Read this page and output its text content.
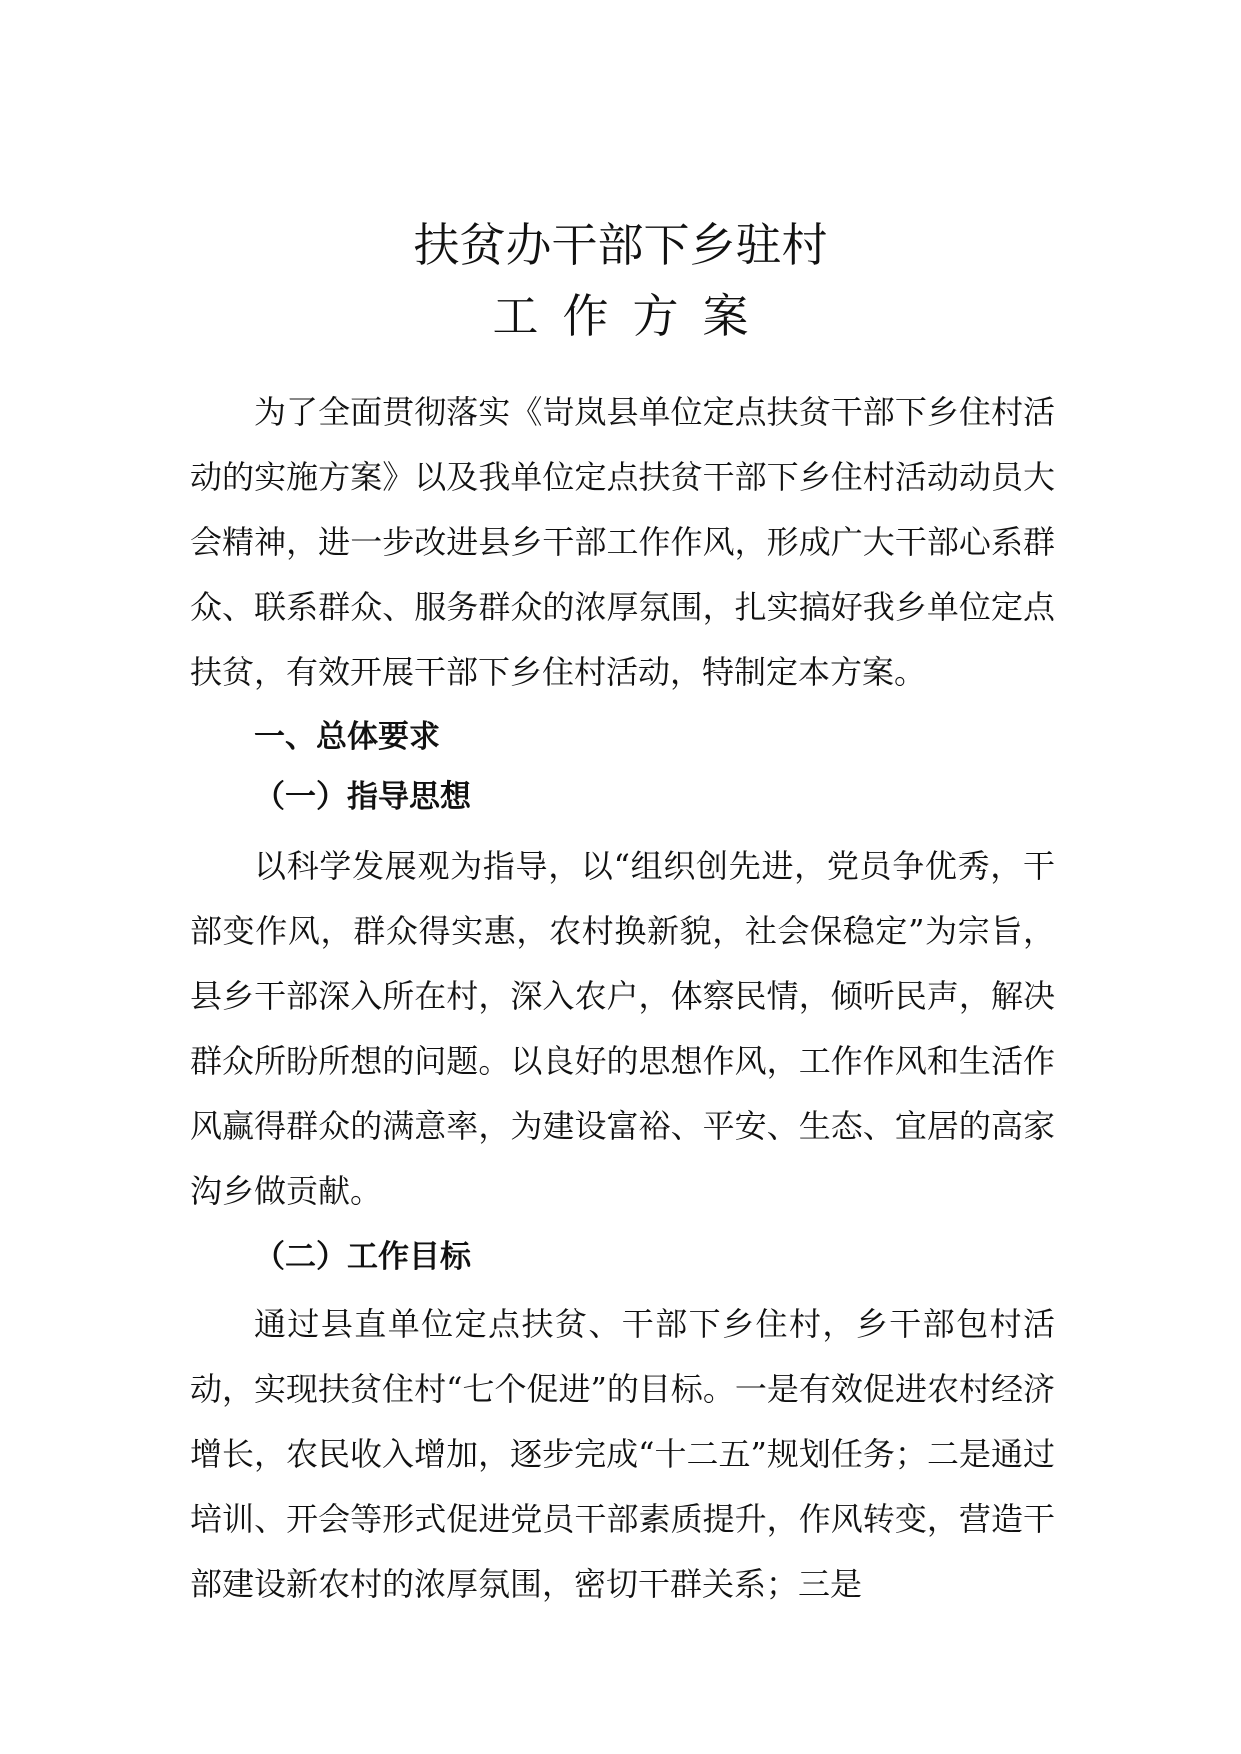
扶贫办干部下乡驻村
工作方案

为了全面贯彻落实《岢岚县单位定点扶贫干部下乡住村活动的实施方案》以及我单位定点扶贫干部下乡住村活动动员大会精神，进一步改进县乡干部工作作风，形成广大干部心系群众、联系群众、服务群众的浓厚氛围，扎实搞好我乡单位定点扶贫，有效开展干部下乡住村活动，特制定本方案。

一、总体要求
（一）指导思想

以科学发展观为指导，以“组织创先进，党员争优秀，干部变作风，群众得实惠，农村换新貌，社会保稳定”为宗旨，县乡干部深入所在村，深入农户，体察民情，倾听民声，解决群众所盼所想的问题。以良好的思想作风，工作作风和生活作风赢得群众的满意率，为建设富裕、平安、生态、宜居的高家沟乡做贡献。

（二）工作目标

通过县直单位定点扶贫、干部下乡住村，乡干部包村活动，实现扶贫住村“七个促进”的目标。一是有效促进农村经济增长，农民收入增加，逐步完成“十二五”规划任务；二是通过培训、开会等形式促进党员干部素质提升，作风转变，营造干部建设新农村的浓厚氛围，密切干群关系；三是
